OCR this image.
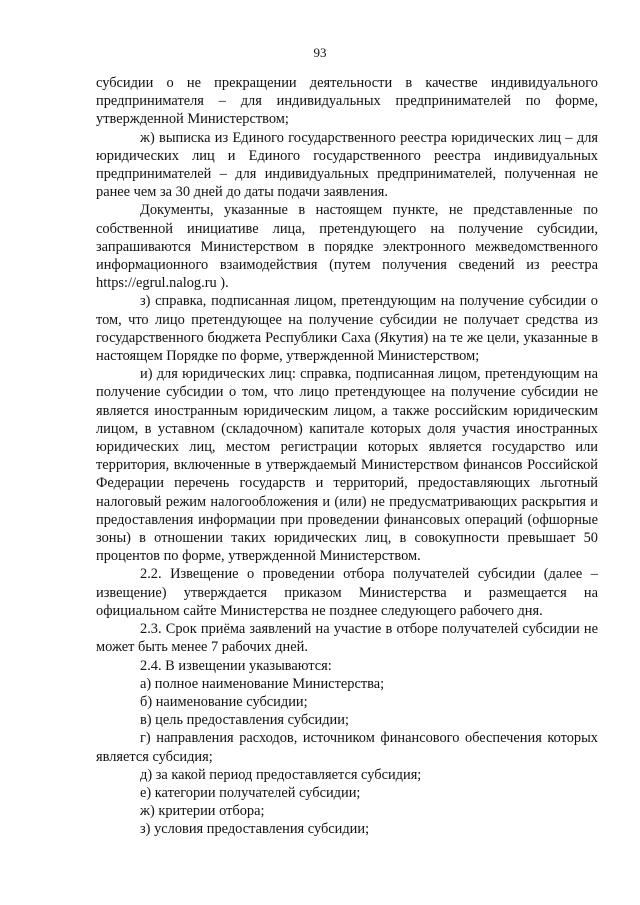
93

субсидии о не прекращении деятельности в качестве индивидуального предпринимателя – для индивидуальных предпринимателей по форме, утвержденной Министерством;

ж) выписка из Единого государственного реестра юридических лиц – для юридических лиц и Единого государственного реестра индивидуальных предпринимателей – для индивидуальных предпринимателей, полученная не ранее чем за 30 дней до даты подачи заявления.

Документы, указанные в настоящем пункте, не представленные по собственной инициативе лица, претендующего на получение субсидии, запрашиваются Министерством в порядке электронного межведомственного информационного взаимодействия (путем получения сведений из реестра https://egrul.nalog.ru ).

з) справка, подписанная лицом, претендующим на получение субсидии о том, что лицо претендующее на получение субсидии не получает средства из государственного бюджета Республики Саха (Якутия) на те же цели, указанные в настоящем Порядке по форме, утвержденной Министерством;

и) для юридических лиц: справка, подписанная лицом, претендующим на получение субсидии о том, что лицо претендующее на получение субсидии не является иностранным юридическим лицом, а также российским юридическим лицом, в уставном (складочном) капитале которых доля участия иностранных юридических лиц, местом регистрации которых является государство или территория, включенные в утверждаемый Министерством финансов Российской Федерации перечень государств и территорий, предоставляющих льготный налоговый режим налогообложения и (или) не предусматривающих раскрытия и предоставления информации при проведении финансовых операций (офшорные зоны) в отношении таких юридических лиц, в совокупности превышает 50 процентов по форме, утвержденной Министерством.

2.2. Извещение о проведении отбора получателей субсидии (далее – извещение) утверждается приказом Министерства и размещается на официальном сайте Министерства не позднее следующего рабочего дня.

2.3. Срок приёма заявлений на участие в отборе получателей субсидии не может быть менее 7 рабочих дней.

2.4. В извещении указываются:

а) полное наименование Министерства;

б) наименование субсидии;

в) цель предоставления субсидии;

г) направления расходов, источником финансового обеспечения которых является субсидия;

д) за какой период предоставляется субсидия;

е) категории получателей субсидии;

ж) критерии отбора;

з) условия предоставления субсидии;
